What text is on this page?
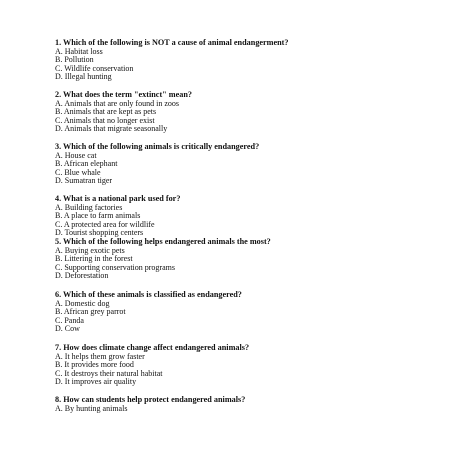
1. Which of the following is NOT a cause of animal endangerment?
A. Habitat loss
B. Pollution
C. Wildlife conservation
D. Illegal hunting
2. What does the term "extinct" mean?
A. Animals that are only found in zoos
B. Animals that are kept as pets
C. Animals that no longer exist
D. Animals that migrate seasonally
3. Which of the following animals is critically endangered?
A. House cat
B. African elephant
C. Blue whale
D. Sumatran tiger
4. What is a national park used for?
A. Building factories
B. A place to farm animals
C. A protected area for wildlife
D. Tourist shopping centers
5. Which of the following helps endangered animals the most?
A. Buying exotic pets
B. Littering in the forest
C. Supporting conservation programs
D. Deforestation
6. Which of these animals is classified as endangered?
A. Domestic dog
B. African grey parrot
C. Panda
D. Cow
7. How does climate change affect endangered animals?
A. It helps them grow faster
B. It provides more food
C. It destroys their natural habitat
D. It improves air quality
8. How can students help protect endangered animals?
A. By hunting animals
